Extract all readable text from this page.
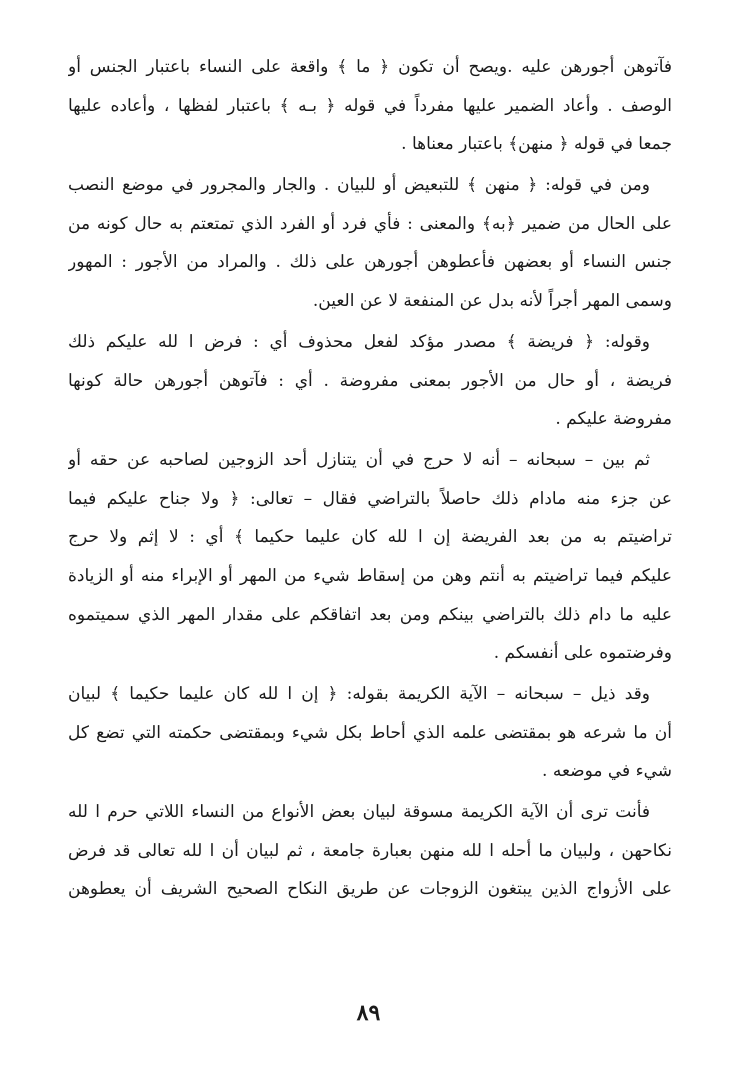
فآتوهن أجورهن عليه .ويصح أن تكون ﴿ ما ﴾ واقعة على النساء باعتبار الجنس أو
الوصف . وأعاد الضمير عليها مفرداً في قوله ﴿ بـه ﴾ باعتبار لفظها ، وأعاده عليها
جمعا في قوله ﴿ منهن﴾ باعتبار معناها .
ومن في قوله: ﴿ منهن ﴾ للتبعيض أو للبيان . والجار والمجرور في موضع النصب
على الحال من ضمير ﴿به﴾ والمعنى : فأي فرد أو الفرد الذي تمتعتم به حال كونه من
جنس النساء أو بعضهن فأعطوهن أجورهن على ذلك . والمراد من الأجور : المهور
وسمى المهر أجراً لأنه بدل عن المنفعة لا عن العين.
وقوله: ﴿ فريضة ﴾ مصدر مؤكد لفعل محذوف أي : فرض ا لله عليكم ذلك
فريضة ، أو حال من الأجور بمعنى مفروضة . أي : فآتوهن أجورهن حالة كونها
مفروضة عليكم .
ثم بين – سبحانه – أنه لا حرج في أن يتنازل أحد الزوجين لصاحبه عن حقه أو
عن جزء منه مادام ذلك حاصلاً بالتراضي فقال – تعالى: ﴿ ولا جناح عليكم فيما
تراضيتم به من بعد الفريضة إن ا لله كان عليما حكيما ﴾ أي : لا إثم ولا حرج
عليكم فيما تراضيتم به أنتم وهن من إسقاط شيء من المهر أو الإبراء منه أو الزيادة
عليه ما دام ذلك بالتراضي بينكم ومن بعد اتفاقكم على مقدار المهر الذي سميتموه
وفرضتموه على أنفسكم .
وقد ذيل – سبحانه – الآية الكريمة بقوله: ﴿ إن ا لله كان عليما حكيما ﴾ لبيان
أن ما شرعه هو بمقتضى علمه الذي أحاط بكل شيء وبمقتضى حكمته التي تضع كل
شيء في موضعه .
فأنت ترى أن الآية الكريمة مسوقة لبيان بعض الأنواع من النساء اللاتي حرم ا لله
نكاحهن ، ولبيان ما أحله ا لله منهن بعبارة جامعة ، ثم لبيان أن ا لله تعالى قد فرض
على الأزواج الذين يبتغون الزوجات عن طريق النكاح الصحيح الشريف أن يعطوهن
٨٩
